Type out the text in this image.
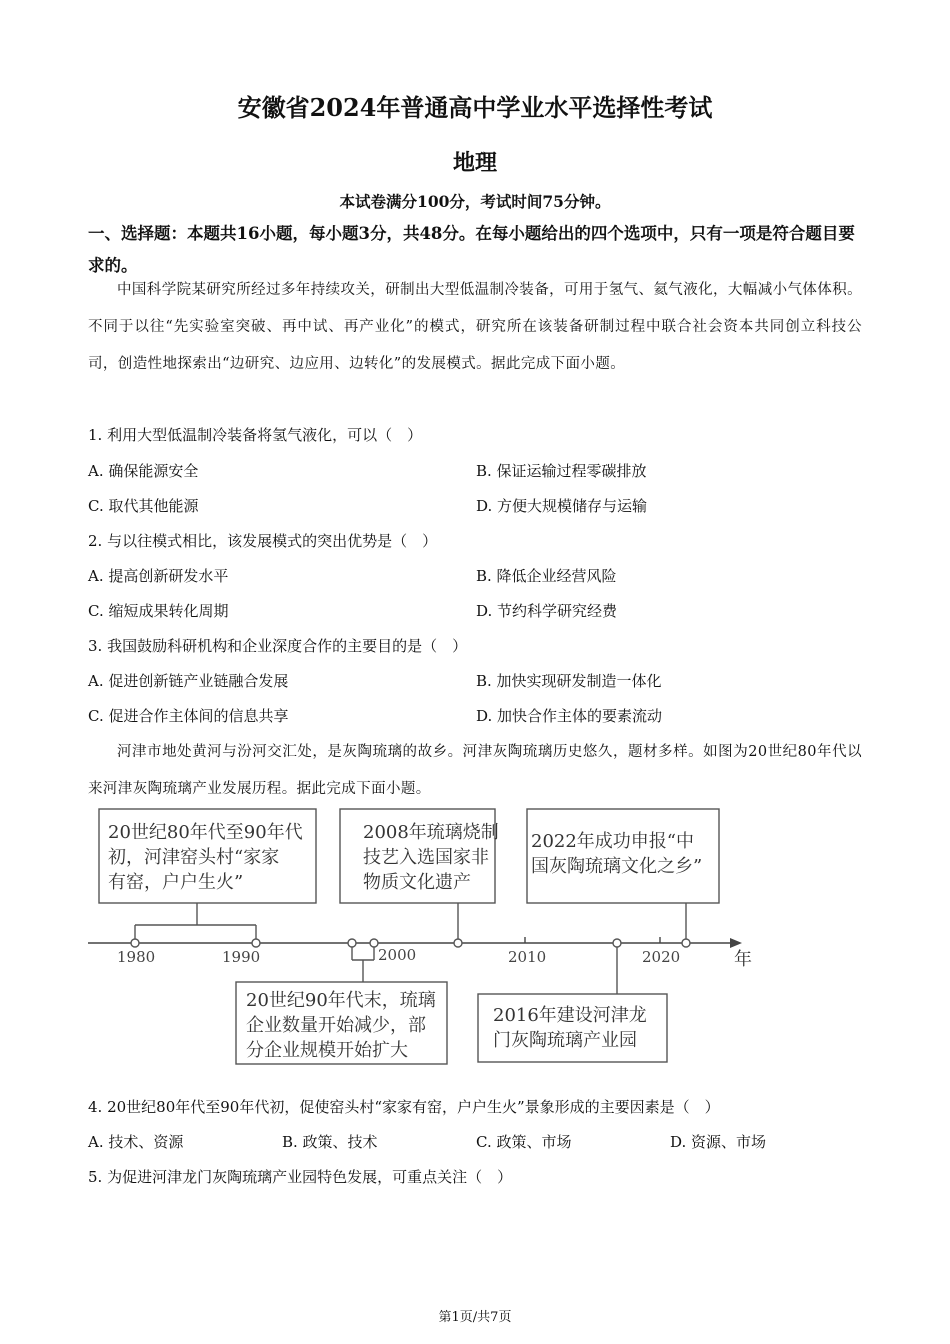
安徽省2024年普通高中学业水平选择性考试
地理
本试卷满分100分，考试时间75分钟。
一、选择题：本题共16小题，每小题3分，共48分。在每小题给出的四个选项中，只有一项是符合题目要求的。
中国科学院某研究所经过多年持续攻关，研制出大型低温制冷装备，可用于氢气、氦气液化，大幅减小气体体积。不同于以往“先实验室突破、再中试、再产业化”的模式，研究所在该装备研制过程中联合社会资本共同创立科技公司，创造性地探索出“边研究、边应用、边转化”的发展模式。据此完成下面小题。
1. 利用大型低温制冷装备将氢气液化，可以（　）
A. 确保能源安全	B. 保证运输过程零碳排放
C. 取代其他能源	D. 方便大规模储存与运输
2. 与以往模式相比，该发展模式的突出优势是（　）
A. 提高创新研发水平	B. 降低企业经营风险
C. 缩短成果转化周期	D. 节约科学研究经费
3. 我国鼓励科研机构和企业深度合作的主要目的是（　）
A. 促进创新链产业链融合发展	B. 加快实现研发制造一体化
C. 促进合作主体间的信息共享	D. 加快合作主体的要素流动
河津市地处黄河与汾河交汇处，是灰陶琉璃的故乡。河津灰陶琉璃历史悠久，题材多样。如图为20世纪80年代以来河津灰陶琉璃产业发展历程。据此完成下面小题。
年
1980	1990	2000	2010	2020
20世纪80年代至90年代
初，河津窑头村“家家
有窑，户户生火”
2008年琉璃烧制
技艺入选国家非
物质文化遗产
2022年成功申报“中
国灰陶琉璃文化之乡”
20世纪90年代末，琉璃
企业数量开始减少，部
分企业规模开始扩大
2016年建设河津龙
门灰陶琉璃产业园
4. 20世纪80年代至90年代初，促使窑头村“家家有窑，户户生火”景象形成的主要因素是（　）
A. 技术、资源	B. 政策、技术	C. 政策、市场	D. 资源、市场
5. 为促进河津龙门灰陶琉璃产业园特色发展，可重点关注（　）
第1页/共7页
